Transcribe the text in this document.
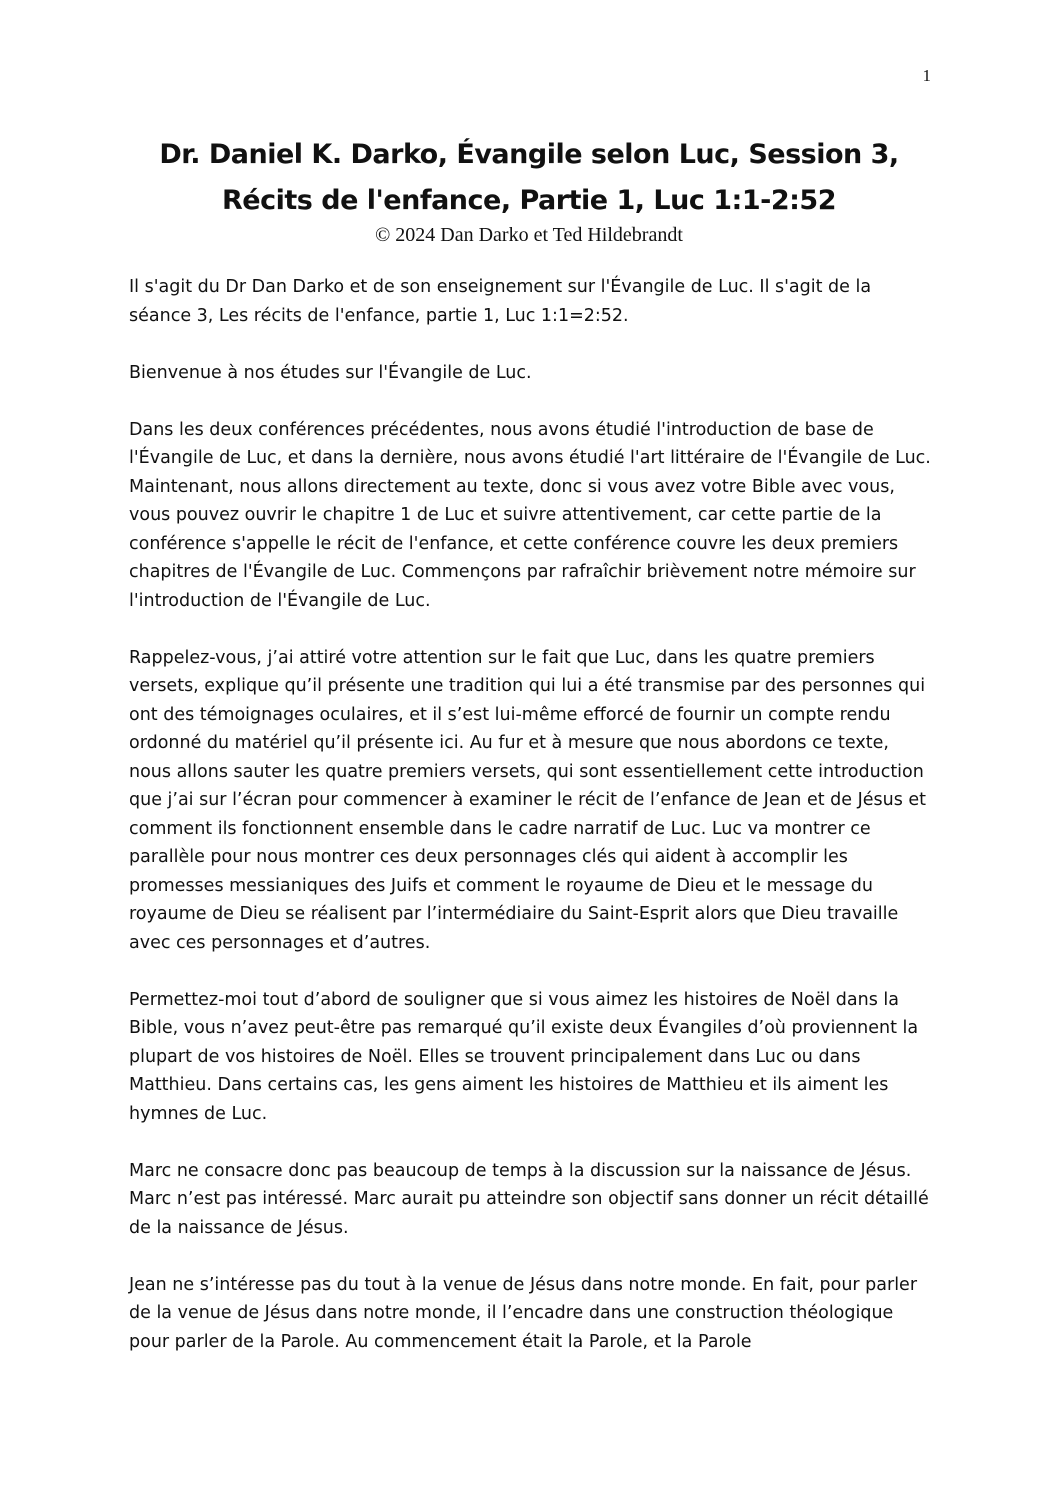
1
Dr. Daniel K. Darko, Évangile selon Luc, Session 3,
Récits de l'enfance, Partie 1, Luc 1:1-2:52
© 2024 Dan Darko et Ted Hildebrandt

Il s'agit du Dr Dan Darko et de son enseignement sur l'Évangile de Luc. Il s'agit de la séance 3, Les récits de l'enfance, partie 1, Luc 1:1=2:52.

Bienvenue à nos études sur l'Évangile de Luc.

Dans les deux conférences précédentes, nous avons étudié l'introduction de base de l'Évangile de Luc, et dans la dernière, nous avons étudié l'art littéraire de l'Évangile de Luc. Maintenant, nous allons directement au texte, donc si vous avez votre Bible avec vous, vous pouvez ouvrir le chapitre 1 de Luc et suivre attentivement, car cette partie de la conférence s'appelle le récit de l'enfance, et cette conférence couvre les deux premiers chapitres de l'Évangile de Luc. Commençons par rafraîchir brièvement notre mémoire sur l'introduction de l'Évangile de Luc.

Rappelez-vous, j’ai attiré votre attention sur le fait que Luc, dans les quatre premiers versets, explique qu’il présente une tradition qui lui a été transmise par des personnes qui ont des témoignages oculaires, et il s’est lui-même efforcé de fournir un compte rendu ordonné du matériel qu’il présente ici. Au fur et à mesure que nous abordons ce texte, nous allons sauter les quatre premiers versets, qui sont essentiellement cette introduction que j’ai sur l’écran pour commencer à examiner le récit de l’enfance de Jean et de Jésus et comment ils fonctionnent ensemble dans le cadre narratif de Luc. Luc va montrer ce parallèle pour nous montrer ces deux personnages clés qui aident à accomplir les promesses messianiques des Juifs et comment le royaume de Dieu et le message du royaume de Dieu se réalisent par l’intermédiaire du Saint-Esprit alors que Dieu travaille avec ces personnages et d’autres.

Permettez-moi tout d’abord de souligner que si vous aimez les histoires de Noël dans la Bible, vous n’avez peut-être pas remarqué qu’il existe deux Évangiles d’où proviennent la plupart de vos histoires de Noël. Elles se trouvent principalement dans Luc ou dans Matthieu. Dans certains cas, les gens aiment les histoires de Matthieu et ils aiment les hymnes de Luc.

Marc ne consacre donc pas beaucoup de temps à la discussion sur la naissance de Jésus. Marc n’est pas intéressé. Marc aurait pu atteindre son objectif sans donner un récit détaillé de la naissance de Jésus.

Jean ne s’intéresse pas du tout à la venue de Jésus dans notre monde. En fait, pour parler de la venue de Jésus dans notre monde, il l’encadre dans une construction théologique pour parler de la Parole. Au commencement était la Parole, et la Parole
